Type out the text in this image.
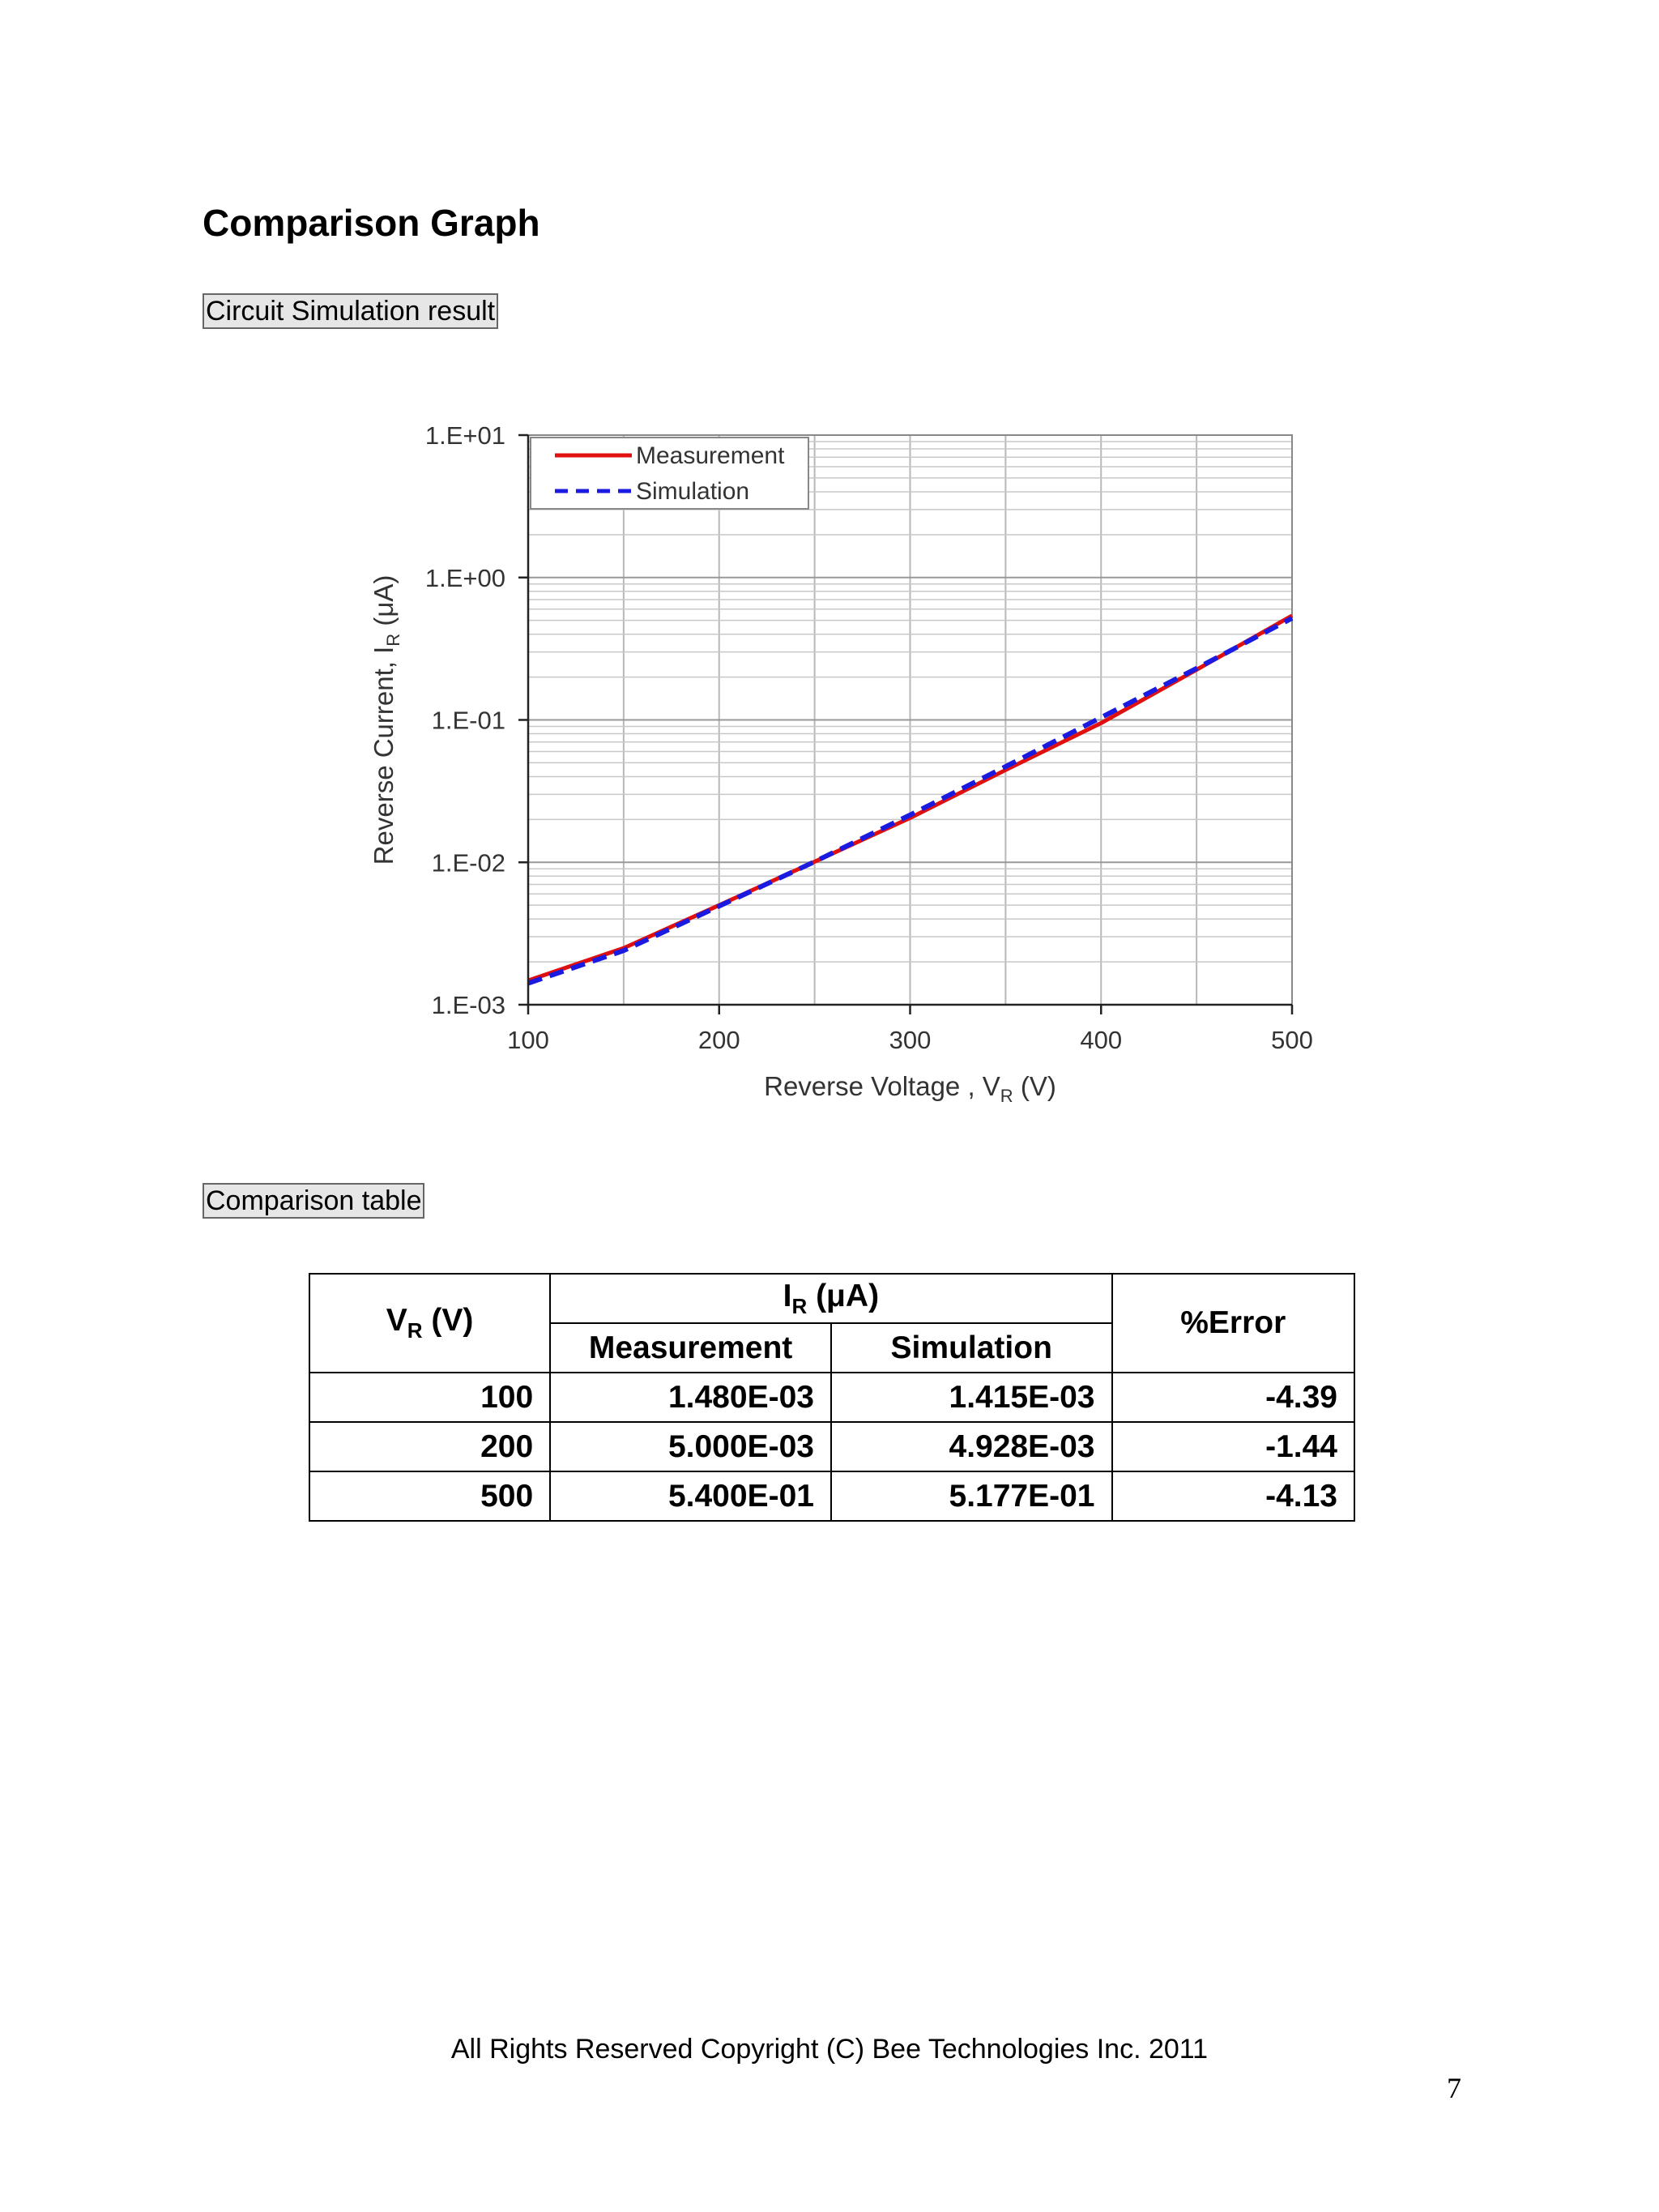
Comparison Graph
Circuit Simulation result
100	200	300	400	500
1.E+01
1.E+00
1.E-01
1.E-02
1.E-03
Reverse Voltage , $V_R$ (V)
Reverse Current, $I_R$ (μA)
Measurement
Simulation
Comparison table
$V_R$ (V)	$I_R$ (μA)		%Error
	Measurement	Simulation	
100	1.480E-03	1.415E-03	-4.39
200	5.000E-03	4.928E-03	-1.44
500	5.400E-01	5.177E-01	-4.13
All Rights Reserved Copyright (C) Bee Technologies Inc. 2011
7
